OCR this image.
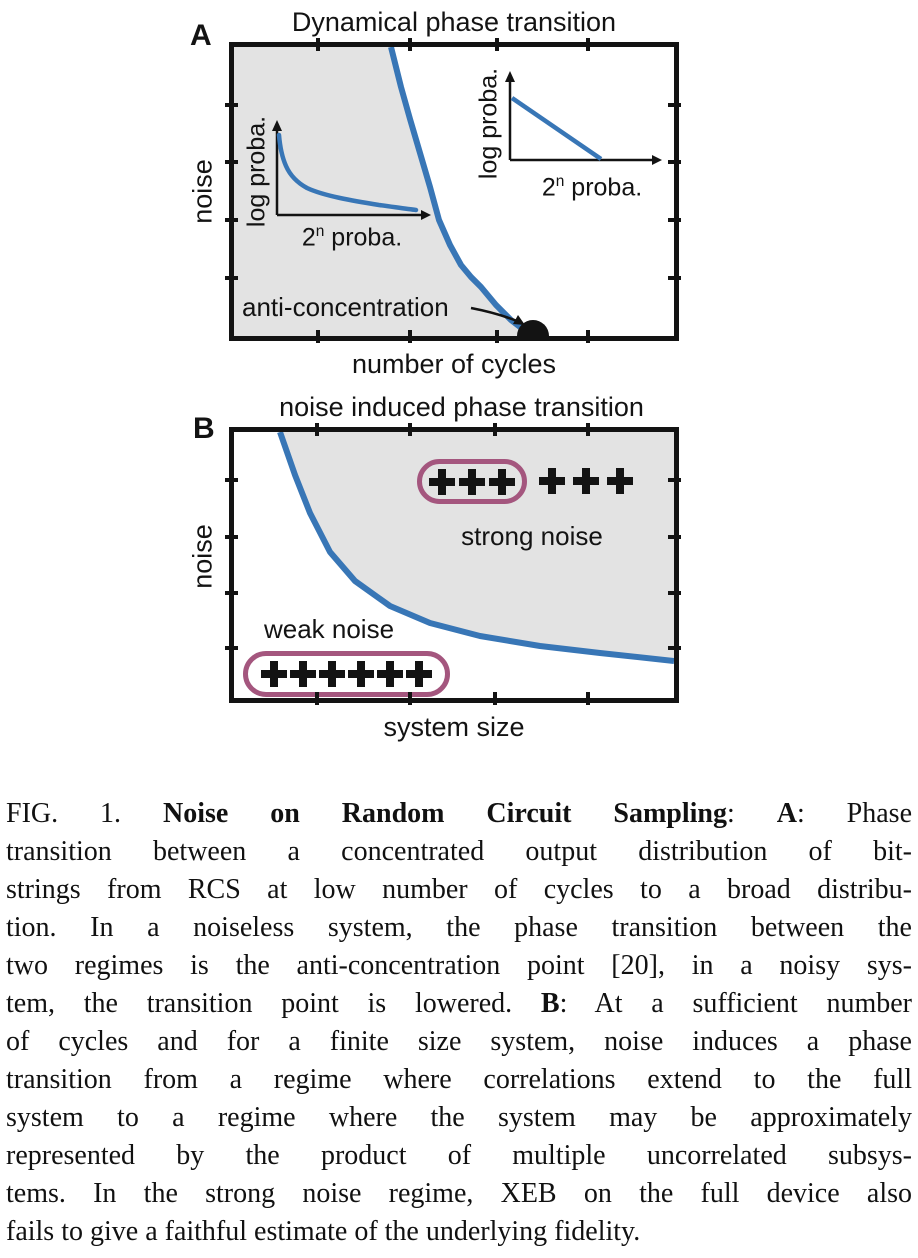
Dynamical phase transition
A
noise
number of cycles
log proba.
2$^n$ proba.
log proba.
2$^n$ proba.
anti-concentration
noise induced phase transition
B
noise
system size
strong noise
weak noise
FIG. 1. Noise on Random Circuit Sampling: A: Phase
transition between a concentrated output distribution of bit-
strings from RCS at low number of cycles to a broad distribu-
tion. In a noiseless system, the phase transition between the
two regimes is the anti-concentration point [20], in a noisy sys-
tem, the transition point is lowered. B: At a sufficient number
of cycles and for a finite size system, noise induces a phase
transition from a regime where correlations extend to the full
system to a regime where the system may be approximately
represented by the product of multiple uncorrelated subsys-
tems. In the strong noise regime, XEB on the full device also
fails to give a faithful estimate of the underlying fidelity.
